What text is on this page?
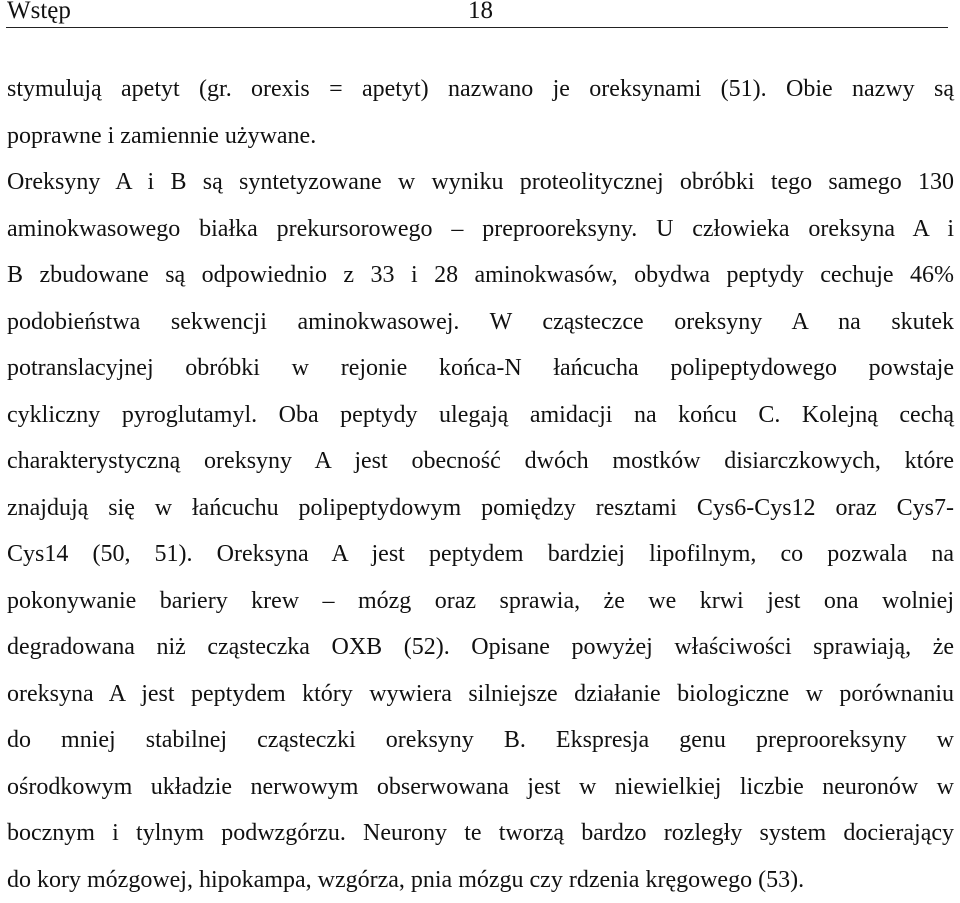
Wstęp	18
stymulują apetyt (gr. orexis = apetyt) nazwano je oreksynami (51). Obie nazwy są
poprawne i zamiennie używane.
Oreksyny A i B są syntetyzowane w wyniku proteolitycznej obróbki tego samego 130
aminokwasowego białka prekursorowego – preprooreksyny. U człowieka oreksyna A i
B zbudowane są odpowiednio z 33 i 28 aminokwasów, obydwa peptydy cechuje 46%
podobieństwa sekwencji aminokwasowej. W cząsteczce oreksyny A na skutek
potranslacyjnej obróbki w rejonie końca-N łańcucha polipeptydowego powstaje
cykliczny pyroglutamyl. Oba peptydy ulegają amidacji na końcu C. Kolejną cechą
charakterystyczną oreksyny A jest obecność dwóch mostków disiarczkowych, które
znajdują się w łańcuchu polipeptydowym pomiędzy resztami Cys6-Cys12 oraz Cys7-
Cys14 (50, 51). Oreksyna A jest peptydem bardziej lipofilnym, co pozwala na
pokonywanie bariery krew – mózg oraz sprawia, że we krwi jest ona wolniej
degradowana niż cząsteczka OXB (52). Opisane powyżej właściwości sprawiają, że
oreksyna A jest peptydem który wywiera silniejsze działanie biologiczne w porównaniu
do mniej stabilnej cząsteczki oreksyny B. Ekspresja genu preprooreksyny w
ośrodkowym układzie nerwowym obserwowana jest w niewielkiej liczbie neuronów w
bocznym i tylnym podwzgórzu. Neurony te tworzą bardzo rozległy system docierający
do kory mózgowej, hipokampa, wzgórza, pnia mózgu czy rdzenia kręgowego (53).
